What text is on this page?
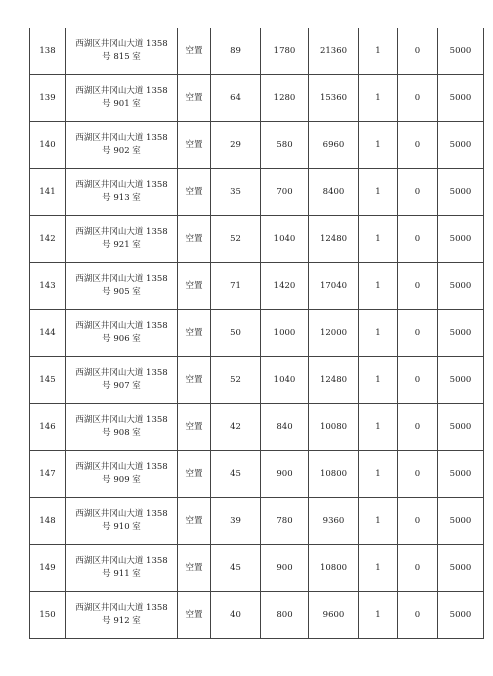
138	西湖区井冈山大道 1358 号 815 室	空置	89	1780	21360	1	0	5000
139	西湖区井冈山大道 1358 号 901 室	空置	64	1280	15360	1	0	5000
140	西湖区井冈山大道 1358 号 902 室	空置	29	580	6960	1	0	5000
141	西湖区井冈山大道 1358 号 913 室	空置	35	700	8400	1	0	5000
142	西湖区井冈山大道 1358 号 921 室	空置	52	1040	12480	1	0	5000
143	西湖区井冈山大道 1358 号 905 室	空置	71	1420	17040	1	0	5000
144	西湖区井冈山大道 1358 号 906 室	空置	50	1000	12000	1	0	5000
145	西湖区井冈山大道 1358 号 907 室	空置	52	1040	12480	1	0	5000
146	西湖区井冈山大道 1358 号 908 室	空置	42	840	10080	1	0	5000
147	西湖区井冈山大道 1358 号 909 室	空置	45	900	10800	1	0	5000
148	西湖区井冈山大道 1358 号 910 室	空置	39	780	9360	1	0	5000
149	西湖区井冈山大道 1358 号 911 室	空置	45	900	10800	1	0	5000
150	西湖区井冈山大道 1358 号 912 室	空置	40	800	9600	1	0	5000
